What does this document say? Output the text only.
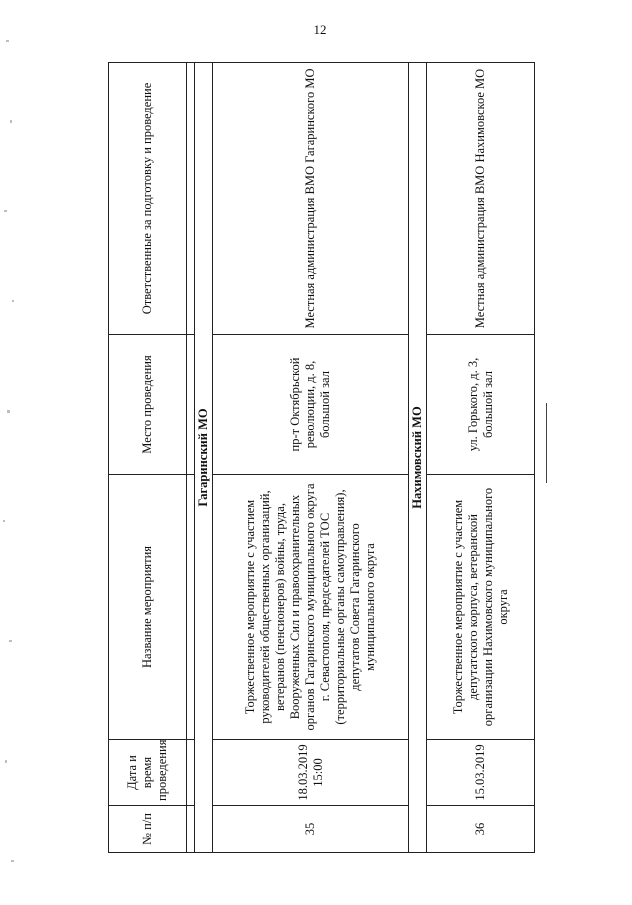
12
№ п/п	Дата и время проведения	Название мероприятия	Место проведения	Ответственные за подготовку и проведение

Гагаринский МО				
35	18.03.2019 15:00	Торжественное мероприятие с участием руководителей общественных организаций, ветеранов (пенсионеров) войны, труда, Вооруженных Сил и правоохранительных органов Гагаринского муниципального округа г. Севастополя, председателей ТОС (территориальные органы самоуправления), депутатов Совета Гагаринского муниципального округа	пр-т Октябрьской революции, д. 8, большой зал	Местная администрация ВМО Гагаринского МО
Нахимовский МО				
36	15.03.2019	Торжественное мероприятие с участием депутатского корпуса, ветеранской организации Нахимовского муниципального округа	ул. Горького, д. 3, большой зал	Местная администрация ВМО Нахимовское МО
